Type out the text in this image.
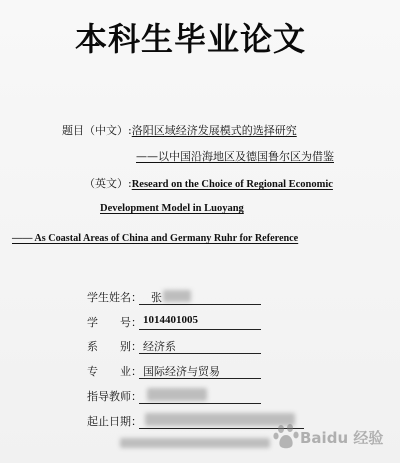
本科生毕业论文
题目（中文）:洛阳区域经济发展模式的选择研究
——以中国沿海地区及德国鲁尔区为借鉴
（英文）:Researd on the Choice of Regional Economic
Development Model in Luoyang
—— As Coastal Areas of China and Germany Ruhr for Reference
学生姓名： 张
学　　号： 1014401005
系　　别： 经济系
专　　业： 国际经济与贸易
指导教师：
起止日期：
Baidu 经验
